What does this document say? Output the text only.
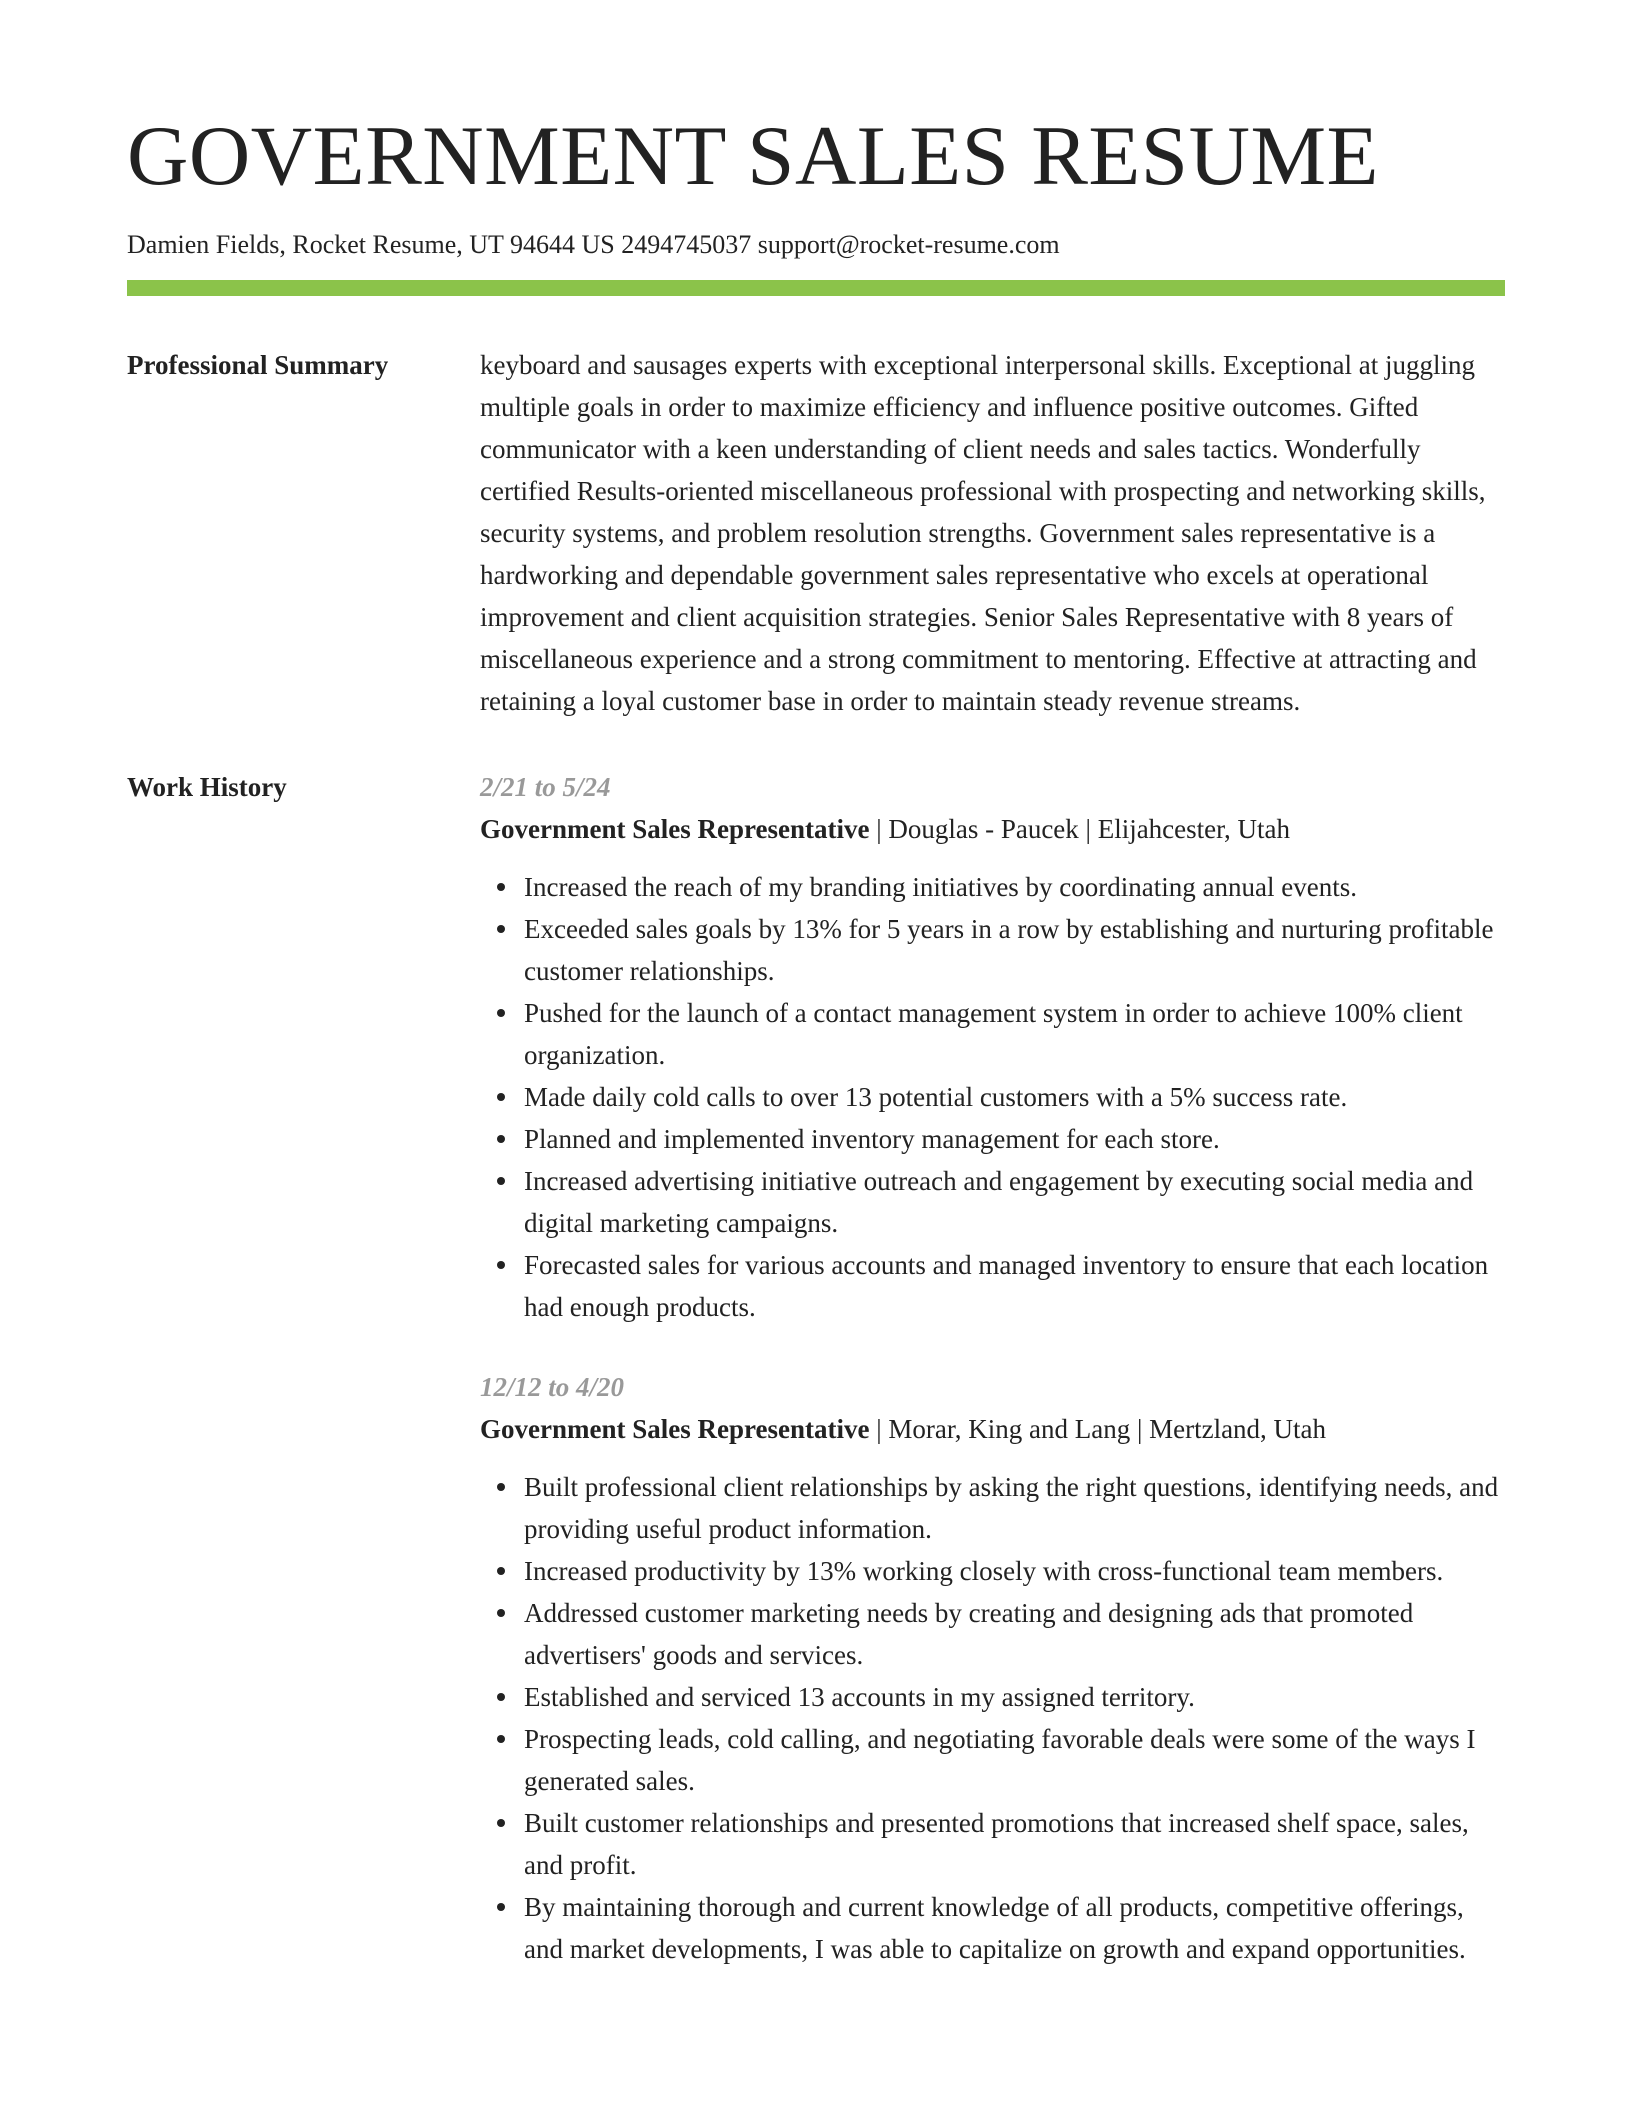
GOVERNMENT SALES RESUME
Damien Fields, Rocket Resume, UT 94644 US 2494745037 support@rocket-resume.com
Professional Summary	keyboard and sausages experts with exceptional interpersonal skills. Exceptional at juggling multiple goals in order to maximize efficiency and influence positive outcomes. Gifted communicator with a keen understanding of client needs and sales tactics. Wonderfully certified Results-oriented miscellaneous professional with prospecting and networking skills, security systems, and problem resolution strengths. Government sales representative is a hardworking and dependable government sales representative who excels at operational improvement and client acquisition strategies. Senior Sales Representative with 8 years of miscellaneous experience and a strong commitment to mentoring. Effective at attracting and retaining a loyal customer base in order to maintain steady revenue streams.

Work History	2/21 to 5/24
Government Sales Representative | Douglas - Paucek | Elijahcester, Utah
Increased the reach of my branding initiatives by coordinating annual events.
Exceeded sales goals by 13% for 5 years in a row by establishing and nurturing profitable customer relationships.
Pushed for the launch of a contact management system in order to achieve 100% client organization.
Made daily cold calls to over 13 potential customers with a 5% success rate.
Planned and implemented inventory management for each store.
Increased advertising initiative outreach and engagement by executing social media and digital marketing campaigns.
Forecasted sales for various accounts and managed inventory to ensure that each location had enough products.
12/12 to 4/20
Government Sales Representative | Morar, King and Lang | Mertzland, Utah
Built professional client relationships by asking the right questions, identifying needs, and providing useful product information.
Increased productivity by 13% working closely with cross-functional team members.
Addressed customer marketing needs by creating and designing ads that promoted advertisers' goods and services.
Established and serviced 13 accounts in my assigned territory.
Prospecting leads, cold calling, and negotiating favorable deals were some of the ways I generated sales.
Built customer relationships and presented promotions that increased shelf space, sales, and profit.
By maintaining thorough and current knowledge of all products, competitive offerings, and market developments, I was able to capitalize on growth and expand opportunities.
